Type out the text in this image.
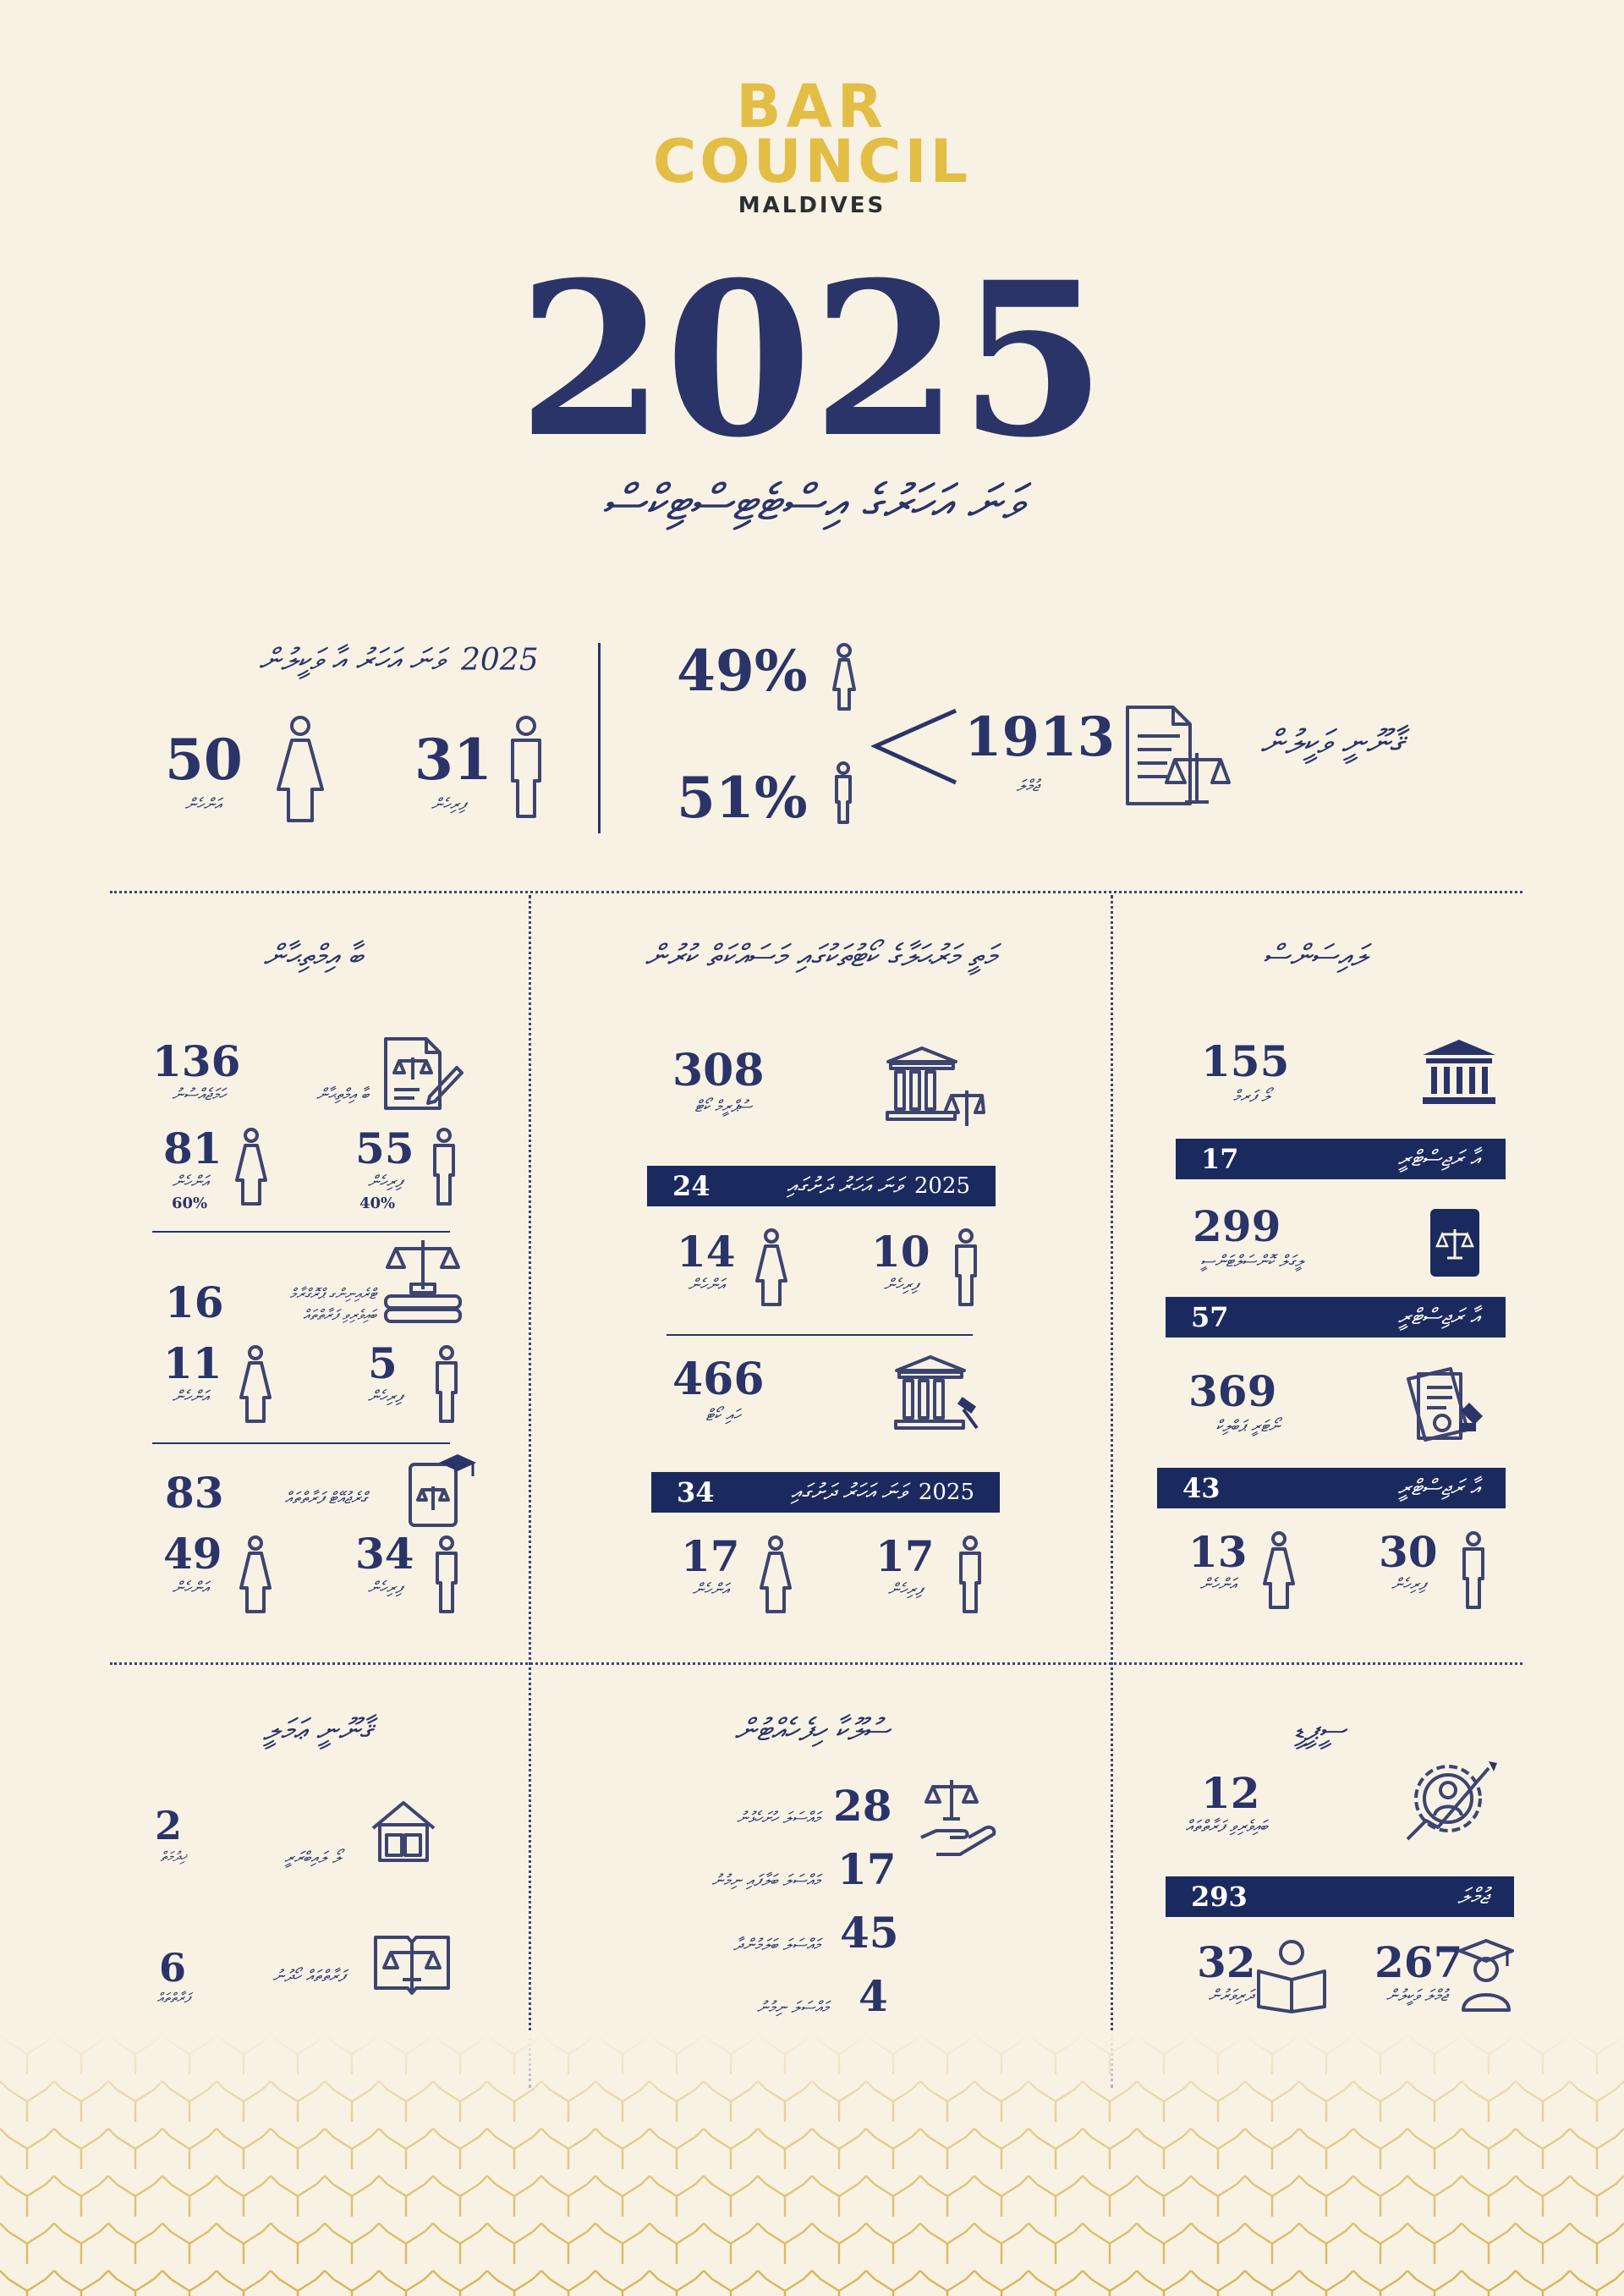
BAR
COUNCIL
MALDIVES
2025
ވަނަ އަހަރުގެ އިސްޓެޓިސްޓިކްސް
ޤާނޫނީ ވަކީލުން
1913
ޖުމްލަ
49%
51%
2025
ވަނަ އަހަރު އާ ވަކީލުން
31
ފިރިހެން
50
އަންހެން
ލައިސަންސް
155
ލޯ ފަރމް
އާ ރަޖިސްޓްރީ
17
299
ލީގަލް ކޮންސަލްޓަންސީ
އާ ރަޖިސްޓްރީ
57
369
ނޯޓަރީ ޕަބްލިކް
އާ ރަޖިސްޓްރީ
43
30
ފިރިހެން
13
އަންހެން
މަތީ މަރުޙަލާގެ ކޯޓުތަކުގައި މަސައްކަތް ކުރުން
308
ސުޕްރީމް ކޯޓް
24	ވަނަ އަހަރު ދަށުގައި 2025
10
ފިރިހެން
14
އަންހެން
466
ހައި ކޯޓް
34	ވަނަ އަހަރު ދަށުގައި 2025
17
ފިރިހެން
17
އަންހެން
ބާ އިމްތިޙާން
136
ހަމަޖެއްސުނު	ބާ އިމްތިޙާން
55
ފިރިހެން
40%
81
އަންހެން
60%
16	ޓްރެއިނިންގ ޕްރޮގްރާމް
ބައިވެރިވި ފަރާތްތައް
5
ފިރިހެން
11
އަންހެން
83	ގްރެޖުއޭޓް ފަރާތްތައް
34
ފިރިހެން
49
އަންހެން
ސީޕީޑީ
12
ބައިވެރިވި ފަރާތްތައް
ޖުމްލަ
293
267
ޖުމްލަ ވަކީލުން
32
ދަރިވަރުން
ސުލޫކާ ހިފެހެއްޓުން
28
މައްސަލަ ހުށަހެޅުނު
17
މައްސަލަ ބަލާފައި ނިމުނު
45
މައްސަލަ ބަލަމުންދާ
4
މައްސަލަ ނިމުނު
ޤާނޫނީ ޢަމަލީ
2
ޚިދުމަތް	ލޯ ލައިބްރަރީ
6
ފަރާތްތައް
ފަރާތްތައް ހޯދުނު
